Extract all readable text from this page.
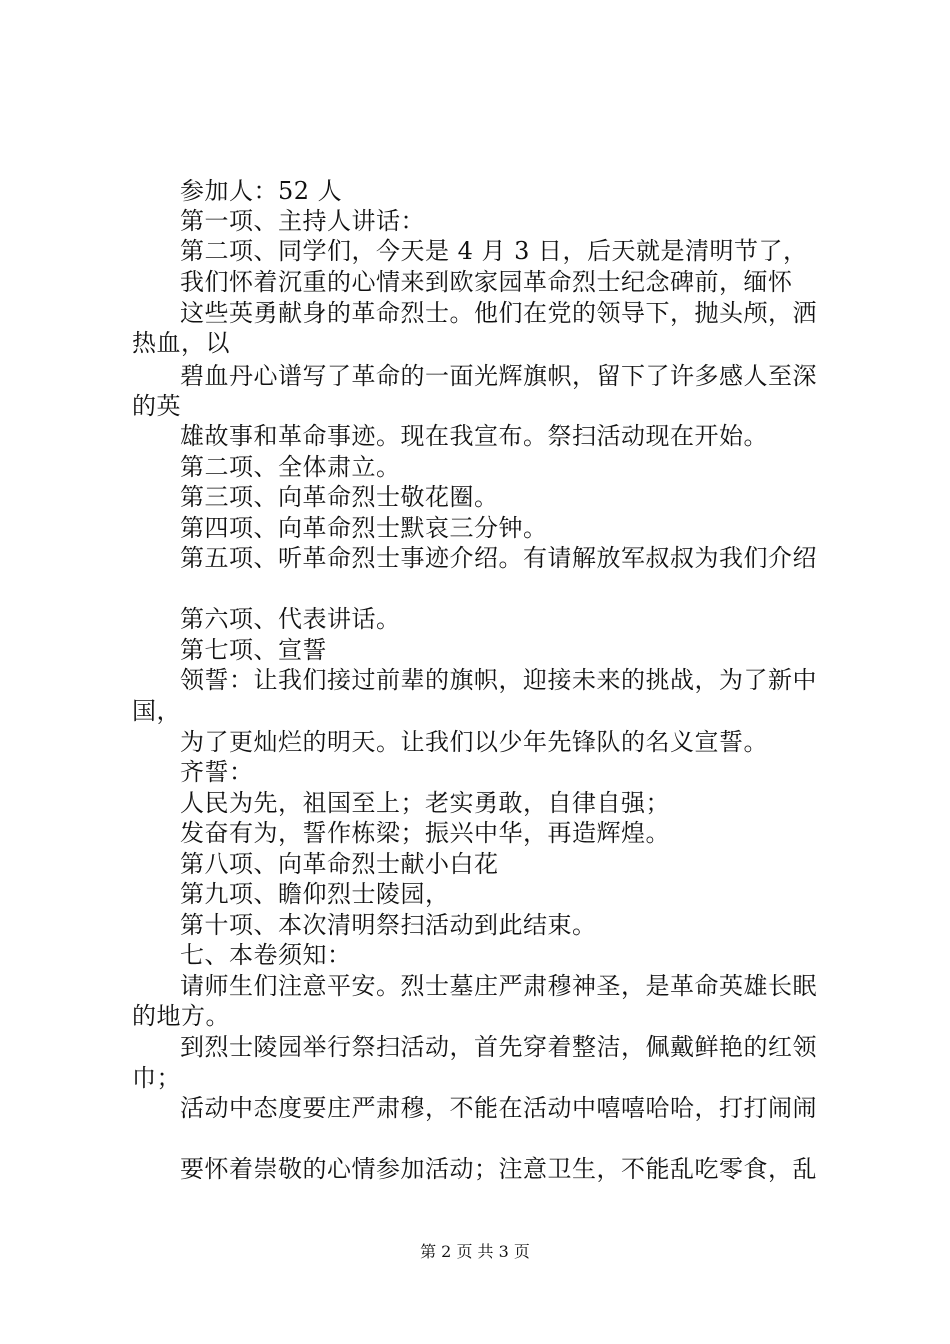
参加人：52 人
第一项、主持人讲话：
第二项、同学们，今天是 4 月 3 日，后天就是清明节了，
我们怀着沉重的心情来到欧家园革命烈士纪念碑前，缅怀
这些英勇献身的革命烈士。他们在党的领导下，抛头颅，洒
热血，以
碧血丹心谱写了革命的一面光辉旗帜，留下了许多感人至深
的英
雄故事和革命事迹。现在我宣布。祭扫活动现在开始。
第二项、全体肃立。
第三项、向革命烈士敬花圈。
第四项、向革命烈士默哀三分钟。
第五项、听革命烈士事迹介绍。有请解放军叔叔为我们介绍
第六项、代表讲话。
第七项、宣誓
领誓：让我们接过前辈的旗帜，迎接未来的挑战，为了新中
国，
为了更灿烂的明天。让我们以少年先锋队的名义宣誓。
齐誓：
人民为先，祖国至上；老实勇敢，自律自强；
发奋有为，誓作栋梁；振兴中华，再造辉煌。
第八项、向革命烈士献小白花
第九项、瞻仰烈士陵园，
第十项、本次清明祭扫活动到此结束。
七、本卷须知：
请师生们注意平安。烈士墓庄严肃穆神圣，是革命英雄长眠
的地方。
到烈士陵园举行祭扫活动，首先穿着整洁，佩戴鲜艳的红领
巾；
活动中态度要庄严肃穆，不能在活动中嘻嘻哈哈，打打闹闹
要怀着崇敬的心情参加活动；注意卫生，不能乱吃零食，乱
第 2 页 共 3 页
